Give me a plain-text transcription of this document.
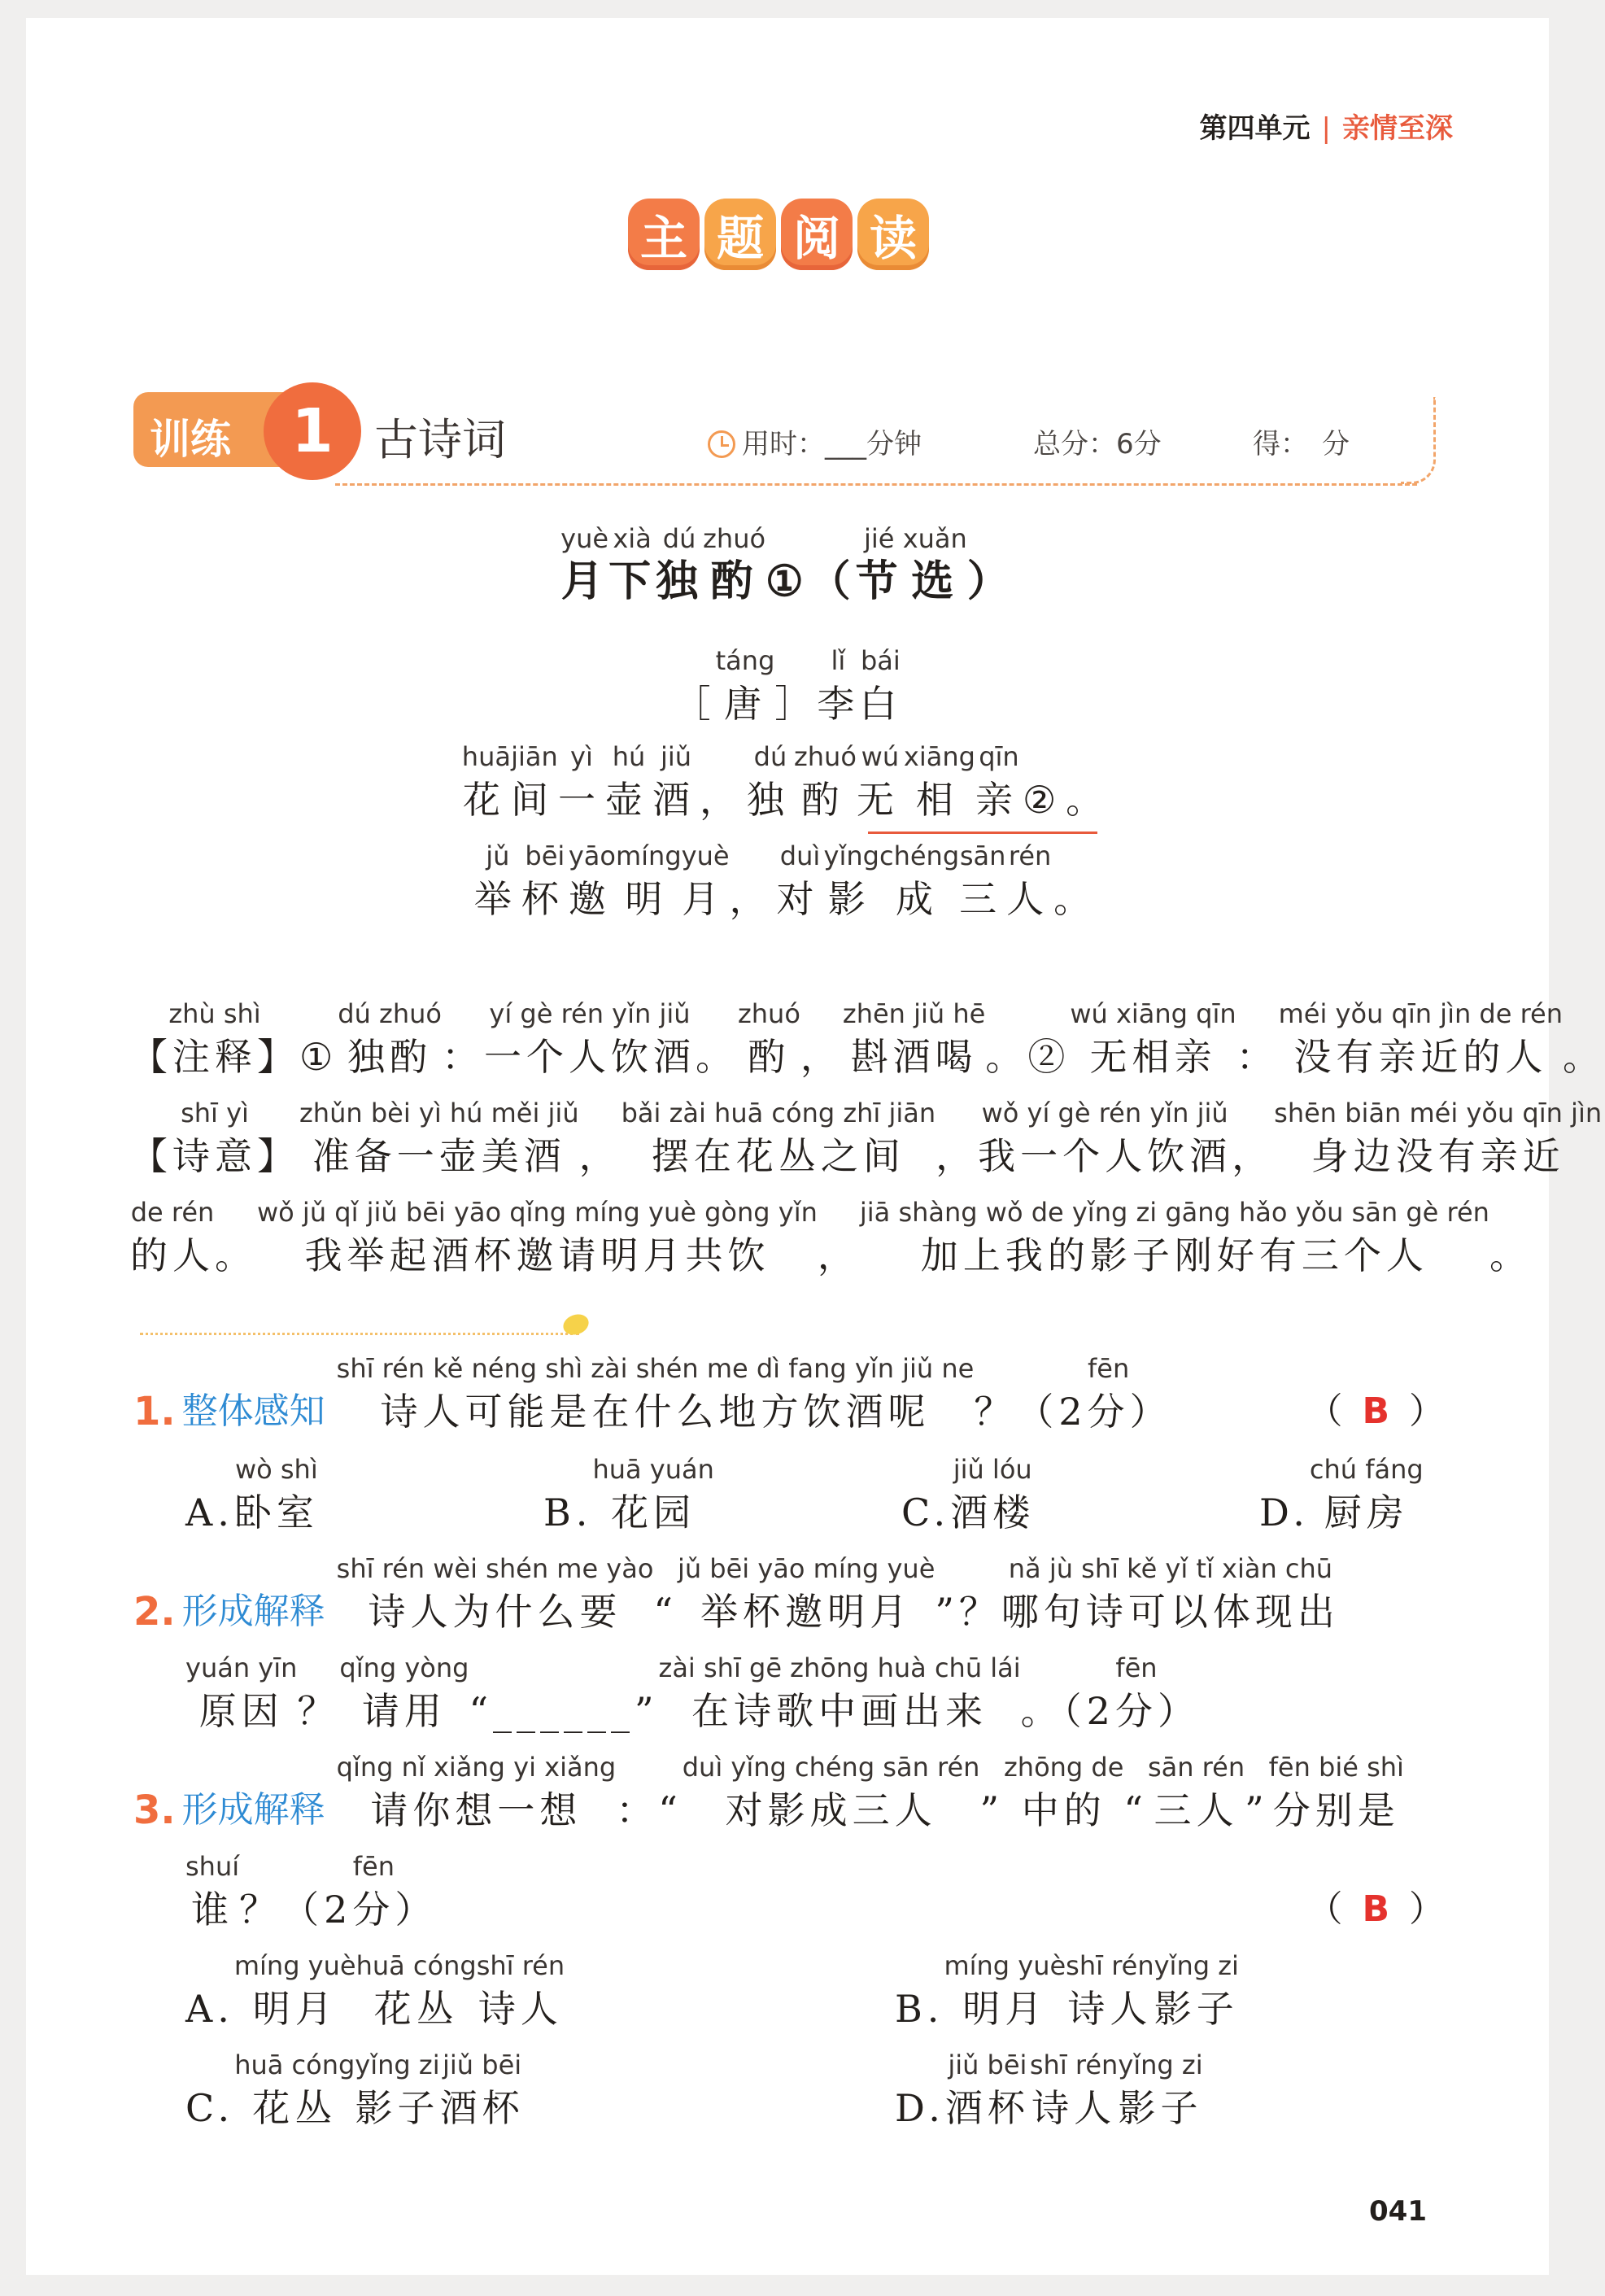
第四单元 | 亲情至深
主 题 阅 读
训练	1 古诗词	用时：___分钟	总分：6分	得：　分
yuè
月
xià
下
dú
独
zhuó
酌 ①（
jié
节
xuǎn
选 ）
［
táng
唐 ］
lǐ
李
bái
白
huā
花
jiān
间
yì
一
hú
壶
jiǔ
酒 ，
dú
独
zhuó
酌
wú
无
xiāng
相
qīn
亲 ②。
jǔ
举
bēi
杯
yāo
邀
míng
明
yuè
月 ，
duì
对
yǐng
影
chéng
成
sān
三
rén
人 。
zhù shì
【注释】 ①
dú zhuó
独酌 ：
yí gè rén yǐn jiǔ
一个人饮酒 。
zhuó
酌 ，
zhēn jiǔ hē
斟酒喝 。②
wú xiāng qīn
无相亲 ：
méi yǒu qīn jìn de rén
没有亲近的人 。
shī yì
【诗意】
zhǔn bèi yì hú měi jiǔ
准备一壶美酒 ，
bǎi zài huā cóng zhī jiān
摆在花丛之间 ，
wǒ yí gè rén yǐn jiǔ
我一个人饮酒 ，
shēn biān méi yǒu qīn jìn
身边没有亲近
de rén
的人 。
wǒ jǔ qǐ jiǔ bēi yāo qǐng míng yuè gòng yǐn
我举起酒杯邀请明月共饮 ，
jiā shàng wǒ de yǐng zi gāng hǎo yǒu sān gè rén
加上我的影子刚好有三个人 。
1. 整体感知
shī rén kě néng shì zài shén me dì fang yǐn jiǔ ne
诗人可能是在什么地方饮酒呢 ？（ 2
fēn
分 ）	（ B ）
A.
wò shì
卧室	B.
huā yuán
花园	C.
jiǔ lóu
酒楼	D.
chú fáng
厨房
2. 形成解释
shī rén wèi shén me yào
诗人为什么要 “
jǔ bēi yāo míng yuè
举杯邀明月 ”？
nǎ jù shī kě yǐ tǐ xiàn chū
哪句诗可以体现出
yuán yīn
原因 ？
qǐng yòng
请用 “______”
zài shī gē zhōng huà chū lái
在诗歌中画出来 。（2
fēn
分 ）
3. 形成解释
qǐng nǐ xiǎng yi xiǎng
请你想一想 ：“
duì yǐng chéng sān rén
对影成三人 ”
zhōng de
中的 “
sān rén
三人 ”
fēn bié shì
分别是
shuí
谁 ？（2
fēn
分 ）	（ B ）
A.
míng yuè
明月
huā cóng
花丛
shī rén
诗人	B.
míng yuè
明月
shī rén
诗人
yǐng zi
影子
C.
huā cóng
花丛
yǐng zi
影子
jiǔ bēi
酒杯	D.
jiǔ bēi
酒杯
shī rén
诗人
yǐng zi
影子
041
